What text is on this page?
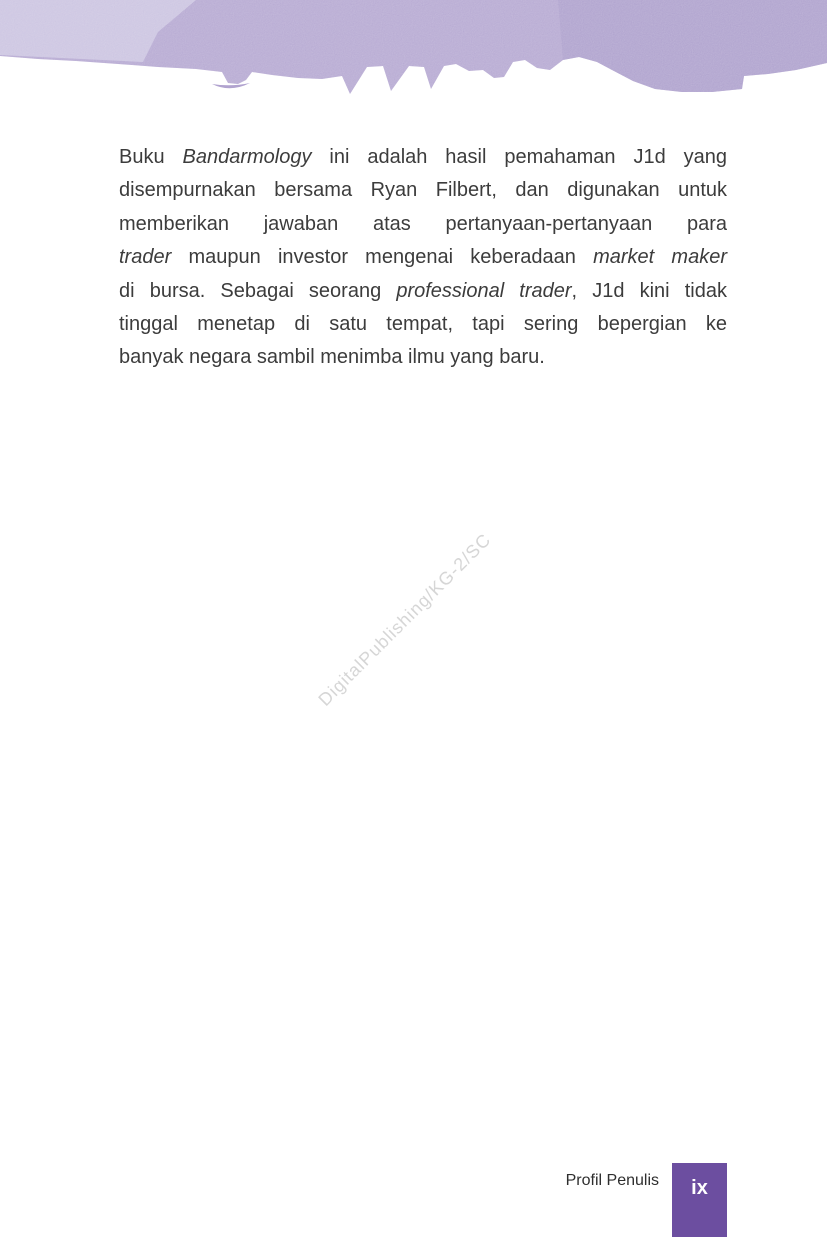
Buku Bandarmology ini adalah hasil pemahaman J1d yang
disempurnakan bersama Ryan Filbert, dan digunakan untuk
memberikan jawaban atas pertanyaan-pertanyaan para
trader maupun investor mengenai keberadaan market maker
di bursa. Sebagai seorang professional trader, J1d kini tidak
tinggal menetap di satu tempat, tapi sering bepergian ke
banyak negara sambil menimba ilmu yang baru.
DigitalPublishing/KG-2/SC
Profil Penulis ix
